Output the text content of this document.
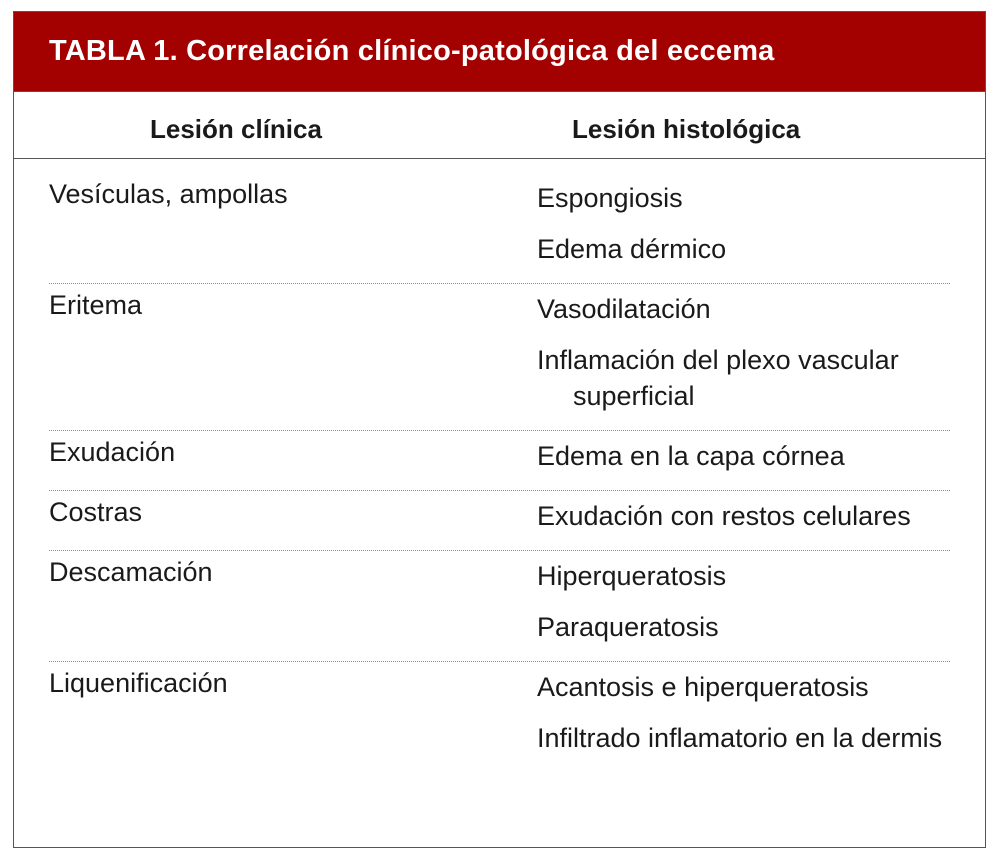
TABLA 1. Correlación clínico-patológica del eccema
Lesión clínica	Lesión histológica
Vesículas, ampollas	Espongiosis
Edema dérmico
Eritema	Vasodilatación
Inflamación del plexo vascular superficial
Exudación	Edema en la capa córnea
Costras	Exudación con restos celulares
Descamación	Hiperqueratosis
Paraqueratosis
Liquenificación	Acantosis e hiperqueratosis
Infiltrado inflamatorio en la dermis
